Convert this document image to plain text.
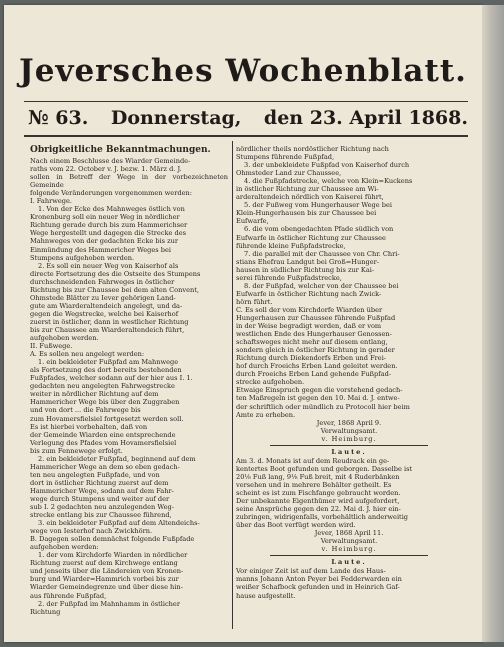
Jeversches Wochenblatt.
№ 63. Donnerstag, den 23. April 1868.
Obrigkeitliche Bekanntmachungen.
Nach einem Beschlusse des Wiarder Gemeinde-
raths vom 22. October v. J. bezw. 1. März d. J.
sollen in Betreff der Wege in der vorbezeichneten Gemeinde
folgende Veränderungen vorgenommen werden:
I. Fahrwege.
1. Von der Ecke des Mahnweges östlich von
Kronenburg soll ein neuer Weg in nördlicher
Richtung gerade durch bis zum Hammerichser
Wege hergestellt und dagegen die Strecke des
Mahnweges von der gedachten Ecke bis zur
Einmündung des Hammericher Weges bei
Stumpens aufgehoben werden.
2. Es soll ein neuer Weg von Kaiserhof als
directe Fortsetzung des die Ostseite des Stumpens
durchschneidenden Fahrweges in östlicher
Richtung bis zur Chaussee bei dem alten Convent,
Ohmstede Blätter zu Iever gehörigen Land-
gute am Wiarderaltendeich angelegt, und da-
gegen die Wegstrecke, welche bei Kaiserhof
zuerst in östlicher, dann in westlicher Richtung
bis zur Chaussee am Wiarderaltendeich führt,
aufgehoben werden.
II. Fußwege.
A. Es sollen neu angelegt werden:
1. ein bekleideter Fußpfad am Mahnwege
als Fortsetzung des dort bereits bestehenden
Fußpfades, welcher sodann auf der hier aus I. 1.
gedachten neu angelegten Fahrwegstrecke
weiter in nördlicher Richtung auf dem
Hammericher Wege bis über den Zuggraben
und von dort ... die Fahrwege bis
zum Hovamersfielsiel fortgesetzt werden soll.
Es ist hierbei vorbehalten, daß von
der Gemeinde Wiarden eine entsprechende
Verlegung des Pfades vom Hovamersfielsiel
bis zum Fennewege erfolgt.
2. ein bekleideter Fußpfad, beginnend auf dem
Hammericher Wege an dem so eben gedach-
ten neu angelegten Fußpfade, und von
dort in östlicher Richtung zuerst auf dem
Hammericher Wege, sodann auf dem Fahr-
wege durch Stumpens und weiter auf der
sub I. 2 gedachten neu anzulegenden Weg-
strecke entlang bis zur Chaussee führend,
3. ein bekleideter Fußpfad auf dem Altendeichs-
wege von Iesterhof nach Zwickhörn.
B. Dagegen sollen demnächst folgende Fußpfade
aufgehoben werden:
1. der vom Kirchdorfe Wiarden in nördlicher
Richtung zuerst auf dem Kirchwege entlang
und jenseits über die Ländereien von Kronen-
burg und Wiarder=Hammrich vorbei bis zur
Wiarder Gemeindegrenze und über diese hin-
aus führende Fußpfad,
2. der Fußpfad im Mahnhamm in östlicher
Richtung
nördlicher theils nordöstlicher Richtung nach
Stumpens führende Fußpfad,
3. der unbekleidete Fußpfad von Kaiserhof durch
Ohmsteder Land zur Chaussee,
4. die Fußpfadstrecke, welche von Klein=Kuckens
in östlicher Richtung zur Chaussee am Wi-
arderaltendeich nördlich von Kaiserei führt,
5. der Fußweg vom Hungerhauser Wege bei
Klein-Hungerhausen bis zur Chaussee bei
Eufwarfe,
6. die vom obengedachten Pfade südlich von
Eufwarfe in östlicher Richtung zur Chaussee
führende kleine Fußpfadstrecke,
7. die parallel mit der Chaussee von Chr. Chri-
stians Ehefrau Landgut bei Groß=Hunger-
hausen in südlicher Richtung bis zur Kai-
serei führende Fußpfadstrecke,
8. der Fußpfad, welcher von der Chaussee bei
Eufwarfe in östlicher Richtung nach Zwick-
hörn führt.
C. Es soll der vom Kirchdorfe Wiarden über
Hungerhausen zur Chaussee führende Fußpfad
in der Weise begradigt werden, daß er vom
westlichen Ende des Hungerhauser Genossen-
schaftsweges nicht mehr auf diesem entlang,
sondern gleich in östlicher Richtung in gerader
Richtung durch Diekendorfs Erben und Frei-
hof durch Froeichs Erben Land geleitet werden.
durch Froeichs Erben Land gehende Fußpfad-
strecke aufgehoben.
Etwaige Einspruch gegen die vorstehend gedach-
ten Maßregeln ist gegen den 10. Mai d. J. entwe-
der schriftlich oder mündlich zu Protocoll hier beim
Amte zu erheben.
Jever, 1868 April 9.
Verwaltungsamt.
v. Heimburg.
Laute.
Am 3. d. Monats ist auf dem Reudrack ein ge-
kentertes Boot gefunden und geborgen. Dasselbe ist
20⅛ Fuß lang, 9⅛ Fuß breit, mit 4 Ruderbänken
versehen und in mehrere Behälter getheilt. Es
scheint es ist zum Fischfange gebraucht worden.
Der unbekannte Eigenthümer wird aufgefordert,
seine Ansprüche gegen den 22. Mai d. J. hier ein-
zubringen, widrigenfalls, vorbehältlich anderweitig
über das Boot verfügt werden wird.
Jever, 1868 April 11.
Verwaltungsamt.
v. Heimburg.
Laute.
Vor einiger Zeit ist auf dem Lande des Haus-
manns Johann Anton Peyer bei Fedderwarden ein
weißer Schafbock gefunden und in Heinrich Gaf-
hause aufgestellt.
